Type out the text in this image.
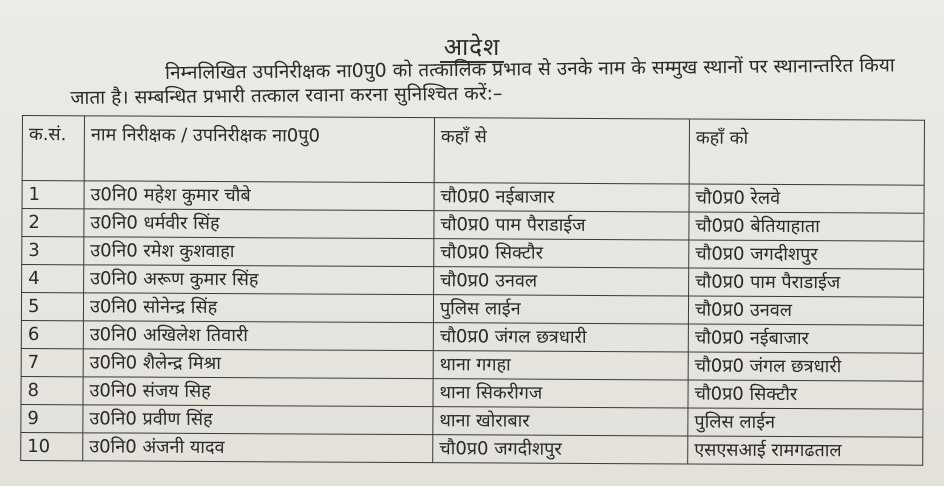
आदेश
निम्नलिखित उपनिरीक्षक ना0पु0 को तत्कालिक प्रभाव से उनके नाम के सम्मुख स्थानों पर स्थानान्तरित किया जाता है। सम्बन्धित प्रभारी तत्काल रवाना करना सुनिश्चित करें:–
क.सं.	नाम निरीक्षक / उपनिरीक्षक ना0पु0	कहाँ से	कहाँ को
1	उ0नि0 महेश कुमार चौबे	चौ0प्र0 नईबाजार	चौ0प्र0 रेलवे
2	उ0नि0 धर्मवीर सिंह	चौ0प्र0 पाम पैराडाईज	चौ0प्र0 बेतियाहाता
3	उ0नि0 रमेश कुशवाहा	चौ0प्र0 सिक्टौर	चौ0प्र0 जगदीशपुर
4	उ0नि0 अरूण कुमार सिंह	चौ0प्र0 उनवल	चौ0प्र0 पाम पैराडाईज
5	उ0नि0 सोनेन्द्र सिंह	पुलिस लाईन	चौ0प्र0 उनवल
6	उ0नि0 अखिलेश तिवारी	चौ0प्र0 जंगल छत्रधारी	चौ0प्र0 नईबाजार
7	उ0नि0 शैलेन्द्र मिश्रा	थाना गगहा	चौ0प्र0 जंगल छत्रधारी
8	उ0नि0 संजय सिह	थाना सिकरीगज	चौ0प्र0 सिक्टौर
9	उ0नि0 प्रवीण सिंह	थाना खोराबार	पुलिस लाईन
10	उ0नि0 अंजनी यादव	चौ0प्र0 जगदीशपुर	एसएसआई रामगढताल
